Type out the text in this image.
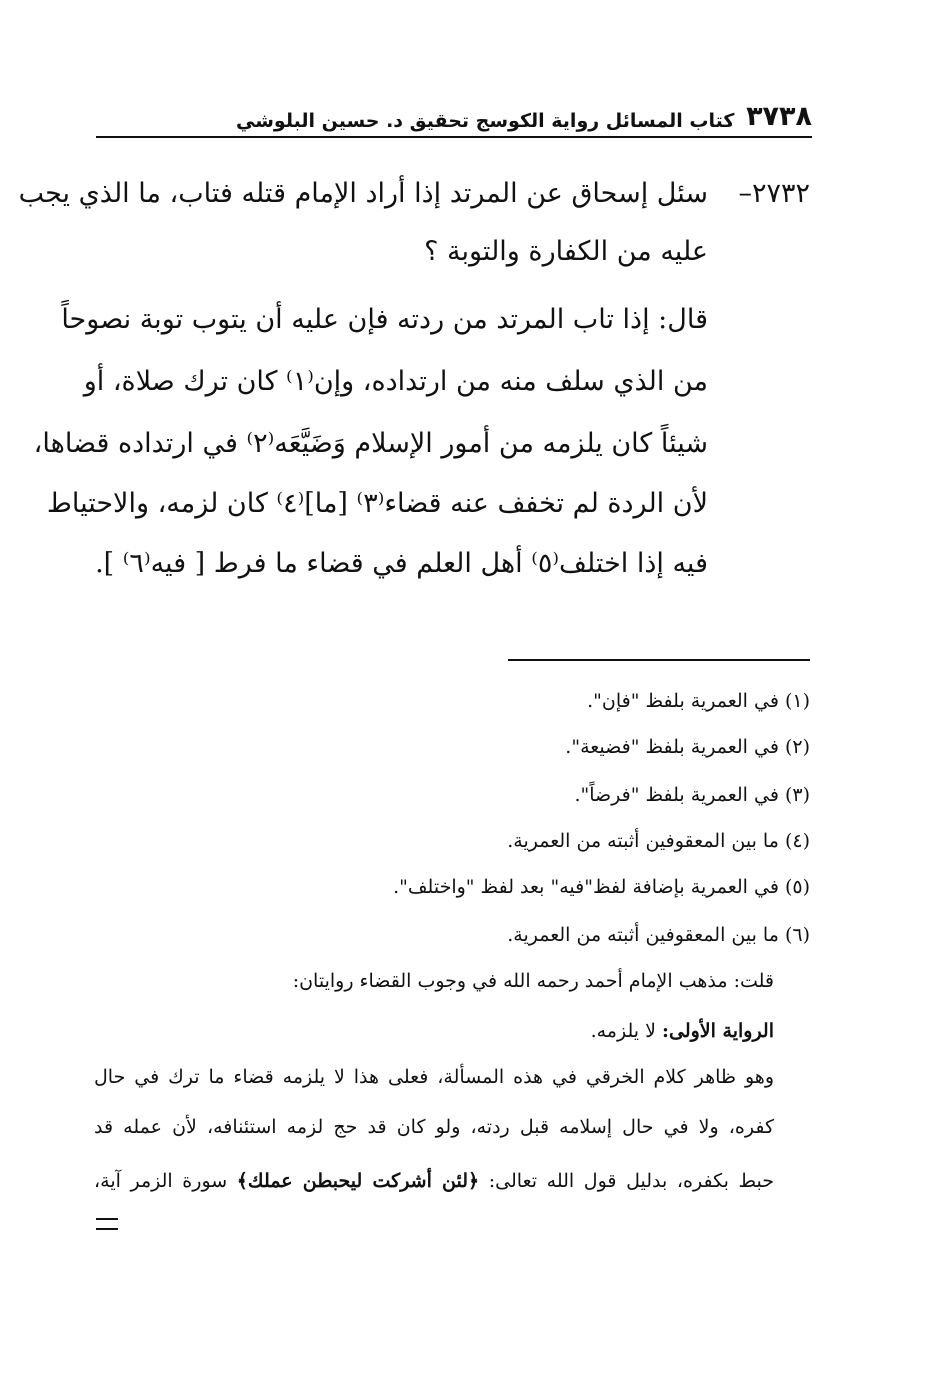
٣٧٣٨
كتاب المسائل رواية الكوسج تحقيق د. حسين البلوشي
٢٧٣٢–
سئل إسحاق عن المرتد إذا أراد الإمام قتله فتاب، ما الذي يجب
عليه من الكفارة والتوبة ؟
قال: إذا تاب المرتد من ردته فإن عليه أن يتوب توبة نصوحاً
من الذي سلف منه من ارتداده، وإن⁽١⁾ كان ترك صلاة، أو
شيئاً كان يلزمه من أمور الإسلام وَضَيَّعَه⁽٢⁾ في ارتداده قضاها،
لأن الردة لم تخفف عنه قضاء⁽٣⁾ [ما]⁽٤⁾ كان لزمه، والاحتياط
فيه إذا اختلف⁽٥⁾ أهل العلم في قضاء ما فرط [ فيه⁽٦⁾ ].
(١) في العمرية بلفظ "فإن".
(٢) في العمرية بلفظ "فضيعة".
(٣) في العمرية بلفظ "فرضاً".
(٤) ما بين المعقوفين أثبته من العمرية.
(٥) في العمرية بإضافة لفظ"فيه" بعد لفظ "واختلف".
(٦) ما بين المعقوفين أثبته من العمرية.
قلت: مذهب الإمام أحمد رحمه الله في وجوب القضاء روايتان:
الرواية الأولى: لا يلزمه.
وهو ظاهر كلام الخرقي في هذه المسألة، فعلى هذا لا يلزمه قضاء ما ترك في حال
كفره، ولا في حال إسلامه قبل ردته، ولو كان قد حج لزمه استئنافه، لأن عمله قد
حبط بكفره، بدليل قول الله تعالى: ﴿لئن أشركت ليحبطن عملك﴾ سورة الزمر آية،
